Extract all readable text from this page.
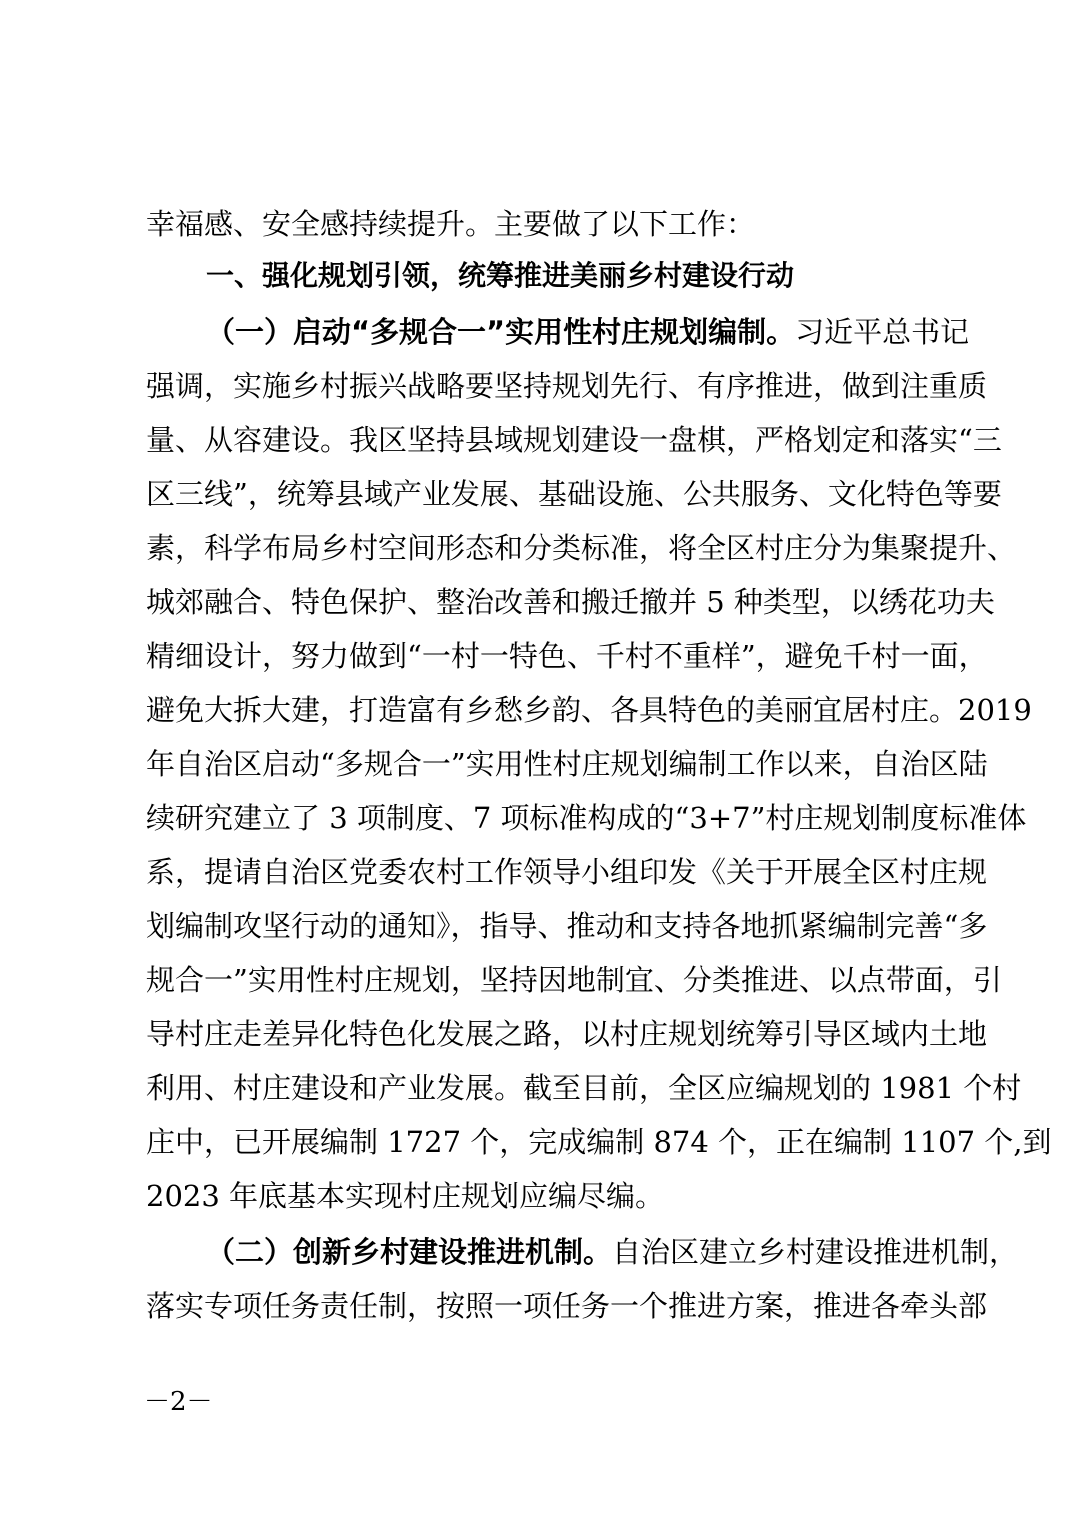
幸福感、安全感持续提升。主要做了以下工作：
一、强化规划引领，统筹推进美丽乡村建设行动
（一）启动“多规合一”实用性村庄规划编制。习近平总书记
强调，实施乡村振兴战略要坚持规划先行、有序推进，做到注重质
量、从容建设。我区坚持县域规划建设一盘棋，严格划定和落实“三
区三线”，统筹县域产业发展、基础设施、公共服务、文化特色等要
素，科学布局乡村空间形态和分类标准，将全区村庄分为集聚提升、
城郊融合、特色保护、整治改善和搬迁撤并 5 种类型，以绣花功夫
精细设计，努力做到“一村一特色、千村不重样”，避免千村一面，
避免大拆大建，打造富有乡愁乡韵、各具特色的美丽宜居村庄。2019
年自治区启动“多规合一”实用性村庄规划编制工作以来，自治区陆
续研究建立了 3 项制度、7 项标准构成的“3+7”村庄规划制度标准体
系，提请自治区党委农村工作领导小组印发《关于开展全区村庄规
划编制攻坚行动的通知》，指导、推动和支持各地抓紧编制完善“多
规合一”实用性村庄规划，坚持因地制宜、分类推进、以点带面，引
导村庄走差异化特色化发展之路，以村庄规划统筹引导区域内土地
利用、村庄建设和产业发展。截至目前，全区应编规划的 1981 个村
庄中，已开展编制 1727 个，完成编制 874 个，正在编制 1107 个,到
2023 年底基本实现村庄规划应编尽编。
（二）创新乡村建设推进机制。自治区建立乡村建设推进机制，
落实专项任务责任制，按照一项任务一个推进方案，推进各牵头部
－2－
